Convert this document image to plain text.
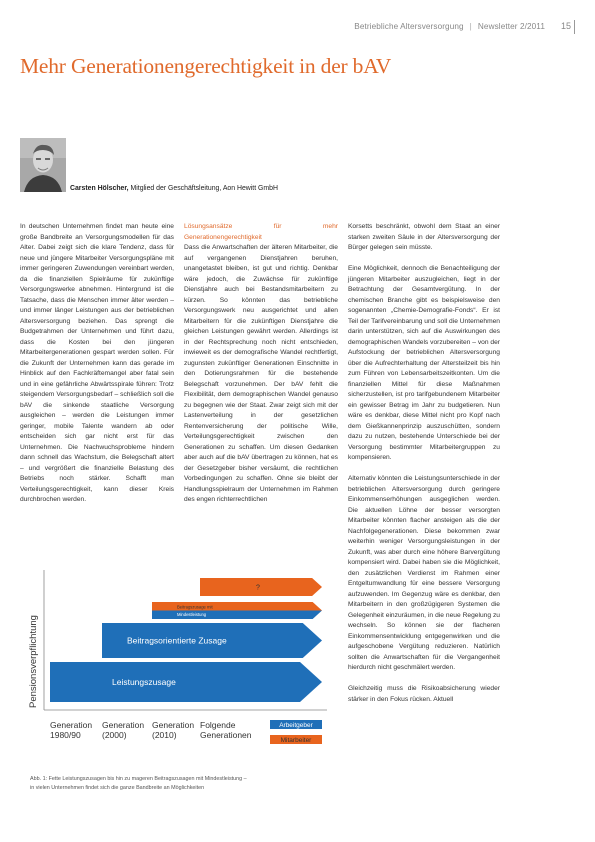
Betriebliche Altersversorgung | Newsletter 2/2011 15
Mehr Generationengerechtigkeit in der bAV
Carsten Hölscher, Mitglied der Geschäftsleitung, Aon Hewitt GmbH

In deutschen Unternehmen findet man heute eine große Bandbreite an Versorgungsmodellen für das Alter. Dabei zeigt sich die klare Tendenz, dass für neue und jüngere Mitarbeiter Versorgungspläne mit immer geringeren Zuwendungen vereinbart werden, da die finanziellen Spielräume für zukünftige Versorgungswerke abnehmen. Hintergrund ist die Tatsache, dass die Menschen immer älter werden – und immer länger Leistungen aus der betrieblichen Altersversorgung beziehen. Das sprengt die Budgetrahmen der Unternehmen und führt dazu, dass die Kosten bei den jüngeren Mitarbeitergenerationen gespart werden sollen. Für die Zukunft der Unternehmen kann das gerade im Hinblick auf den Fachkräftemangel aber fatal sein und in eine gefährliche Abwärtsspirale führen: Trotz steigendem Versorgungsbedarf – schließlich soll die bAV die sinkende staatliche Versorgung ausgleichen – werden die Leistungen immer geringer, mobile Talente wandern ab oder entscheiden sich gar nicht erst für das Unternehmen. Die Nachwuchsprobleme hindern dann schnell das Wachstum, die Belegschaft altert – und vergrößert die finanzielle Belastung des Betriebs noch stärker. Schafft man Verteilungsgerechtigkeit, kann dieser Kreis durchbrochen werden.

Lösungsansätze für mehr Generationengerechtigkeit

Dass die Anwartschaften der älteren Mitarbeiter, die auf vergangenen Dienstjahren beruhen, unangetastet bleiben, ist gut und richtig. Denkbar wäre jedoch, die Zuwächse für zukünftige Dienstjahre auch bei Bestandsmitarbeitern zu kürzen. So könnten das betriebliche Versorgungswerk neu ausgerichtet und allen Mitarbeitern für die zukünftigen Dienstjahre die gleichen Leistungen gewährt werden. Allerdings ist in der Rechtsprechung noch nicht entschieden, inwieweit es der demografische Wandel rechtfertigt, zugunsten zukünftiger Generationen Einschnitte in den Dotierungsrahmen für die bestehende Belegschaft vorzunehmen. Der bAV fehlt die Flexibilität, dem demographischen Wandel genauso zu begegnen wie der Staat. Zwar zeigt sich mit der Lastenverteilung in der gesetzlichen Rentenversicherung der politische Wille, Verteilungsgerechtigkeit zwischen den Generationen zu schaffen. Um diesen Gedanken aber auch auf die bAV übertragen zu können, hat es der Gesetzgeber bisher versäumt, die rechtlichen Vorbedingungen zu schaffen. Ohne sie bleibt der Handlungsspielraum der Unternehmen im Rahmen des engen richterrechtlichen

Korsetts beschränkt, obwohl dem Staat an einer starken zweiten Säule in der Altersversorgung der Bürger gelegen sein müsste.

Eine Möglichkeit, dennoch die Benachteiligung der jüngeren Mitarbeiter auszugleichen, liegt in der Betrachtung der Gesamtvergütung. In der chemischen Branche gibt es beispielsweise den sogenannten „Chemie-Demografie-Fonds“. Er ist Teil der Tarifvereinbarung und soll die Unternehmen darin unterstützen, sich auf die Auswirkungen des demographischen Wandels vorzubereiten – von der Aufstockung der betrieblichen Altersversorgung über die Aufrechterhaltung der Altersteilzeit bis hin zum Führen von Lebensarbeitszeitkonten. Um die finanziellen Mittel für diese Maßnahmen sicherzustellen, ist pro tarifgebundenem Mitarbeiter ein gewisser Betrag im Jahr zu budgetieren. Nun wäre es denkbar, diese Mittel nicht pro Kopf nach dem Gießkannenprinzip auszuschütten, sondern dazu zu nutzen, bestehende Unterschiede bei der Versorgung bestimmter Mitarbeitergruppen zu kompensieren.

Alternativ könnten die Leistungsunterschiede in der betrieblichen Altersversorgung durch geringere Einkommenserhöhungen ausgeglichen werden. Die aktuellen Löhne der besser versorgten Mitarbeiter könnten flacher ansteigen als die der Nachfolgegenerationen. Diese bekommen zwar weiterhin weniger Versorgungsleistungen in der Zukunft, was aber durch eine höhere Barvergütung kompensiert wird. Dabei haben sie die Möglichkeit, den zusätzlichen Verdienst im Rahmen einer Entgeltumwandlung für eine bessere Versorgung aufzuwenden. Im Gegenzug wäre es denkbar, den Mitarbeitern in den großzügigeren Systemen die Gelegenheit einzuräumen, in die neue Regelung zu wechseln. So können sie der flacheren Einkommensentwicklung entgegenwirken und die aufgeschobene Vergütung reduzieren. Natürlich sollten die Anwartschaften für die Vergangenheit hierdurch nicht geschmälert werden.

Gleichzeitig muss die Risikoabsicherung wieder stärker in den Fokus rücken. Aktuell

Pensionsverpflichtung	Leistungszusage
Beitragsorientierte Zusage
Beitragszusage mit
Mindestleistung
?
Generation
1980/90
Generation
(2000)
Generation
(2010)
Folgende
Generationen
Arbeitgeber
Mitarbeiter
Abb. 1: Fette Leistungszusagen bis hin zu mageren Beitragszusagen mit Mindestleistung –
in vielen Unternehmen findet sich die ganze Bandbreite an Möglichkeiten
